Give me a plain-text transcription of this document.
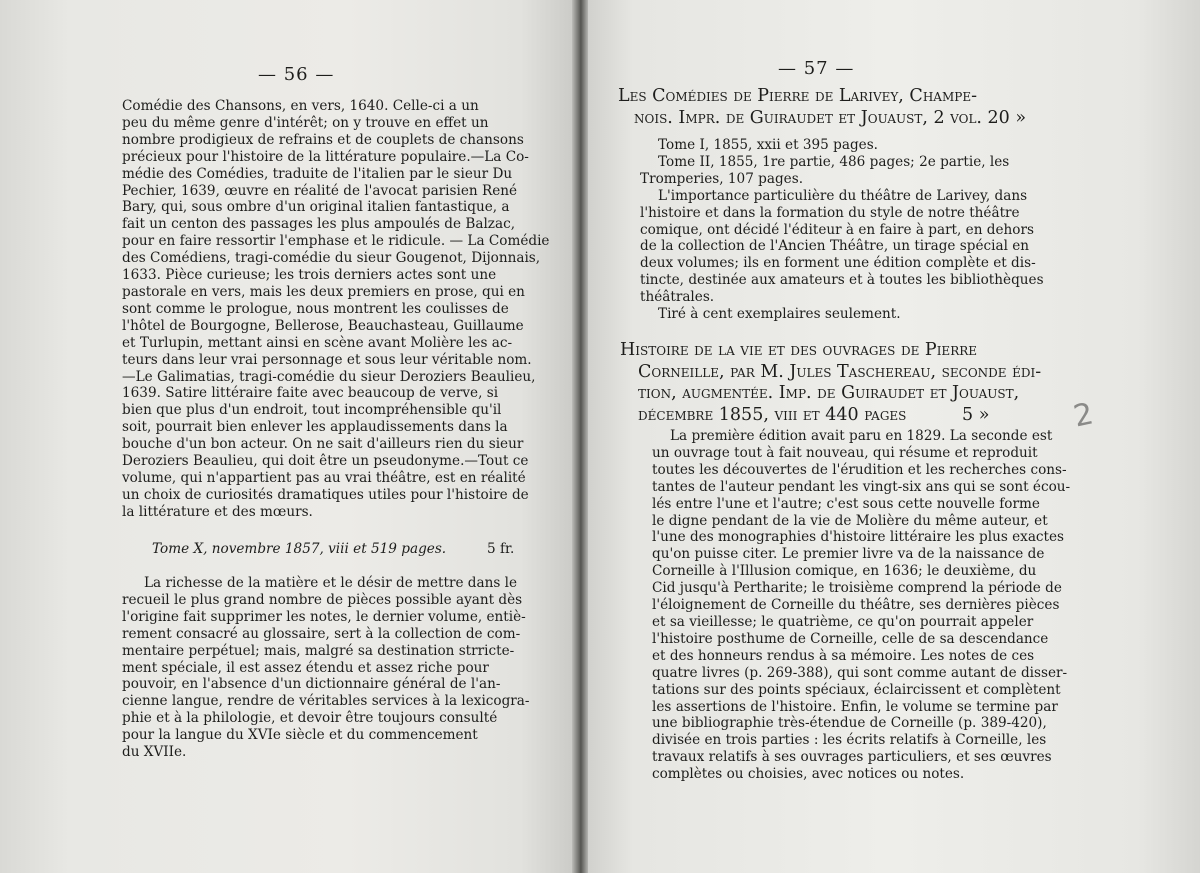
— 56 —
Comédie des Chansons, en vers, 1640. Celle-ci a un
peu du même genre d'intérêt; on y trouve en effet un
nombre prodigieux de refrains et de couplets de chansons
précieux pour l'histoire de la littérature populaire.—La Co-
médie des Comédies, traduite de l'italien par le sieur Du
Pechier, 1639, œuvre en réalité de l'avocat parisien René
Bary, qui, sous ombre d'un original italien fantastique, a
fait un centon des passages les plus ampoulés de Balzac,
pour en faire ressortir l'emphase et le ridicule. — La Comédie
des Comédiens, tragi-comédie du sieur Gougenot, Dijonnais,
1633. Pièce curieuse; les trois derniers actes sont une
pastorale en vers, mais les deux premiers en prose, qui en
sont comme le prologue, nous montrent les coulisses de
l'hôtel de Bourgogne, Bellerose, Beauchasteau, Guillaume
et Turlupin, mettant ainsi en scène avant Molière les ac-
teurs dans leur vrai personnage et sous leur véritable nom.
—Le Galimatias, tragi-comédie du sieur Deroziers Beaulieu,
1639. Satire littéraire faite avec beaucoup de verve, si
bien que plus d'un endroit, tout incompréhensible qu'il
soit, pourrait bien enlever les applaudissements dans la
bouche d'un bon acteur. On ne sait d'ailleurs rien du sieur
Deroziers Beaulieu, qui doit être un pseudonyme.—Tout ce
volume, qui n'appartient pas au vrai théâtre, est en réalité
un choix de curiosités dramatiques utiles pour l'histoire de
la littérature et des mœurs.
Tome X, novembre 1857, viii et 519 pages.	5 fr.
La richesse de la matière et le désir de mettre dans le
recueil le plus grand nombre de pièces possible ayant dès
l'origine fait supprimer les notes, le dernier volume, entiè-
rement consacré au glossaire, sert à la collection de com-
mentaire perpétuel; mais, malgré sa destination strricte-
ment spéciale, il est assez étendu et assez riche pour
pouvoir, en l'absence d'un dictionnaire général de l'an-
cienne langue, rendre de véritables services à la lexicogra-
phie et à la philologie, et devoir être toujours consulté
pour la langue du XVIe siècle et du commencement
du XVIIe.
— 57 —
Les Comédies de Pierre de Larivey, Champe-
nois. Impr. de Guiraudet et Jouaust, 2 vol. 20 »
Tome I, 1855, xxii et 395 pages.
Tome II, 1855, 1re partie, 486 pages; 2e partie, les
Tromperies, 107 pages.
L'importance particulière du théâtre de Larivey, dans
l'histoire et dans la formation du style de notre théâtre
comique, ont décidé l'éditeur à en faire à part, en dehors
de la collection de l'Ancien Théâtre, un tirage spécial en
deux volumes; ils en forment une édition complète et dis-
tincte, destinée aux amateurs et à toutes les bibliothèques
théâtrales.
Tiré à cent exemplaires seulement.
Histoire de la vie et des ouvrages de Pierre
Corneille, par M. Jules Taschereau, seconde édi-
tion, augmentée. Imp. de Guiraudet et Jouaust,
décembre 1855, viii et 440 pages          5 »
La première édition avait paru en 1829. La seconde est
un ouvrage tout à fait nouveau, qui résume et reproduit
toutes les découvertes de l'érudition et les recherches cons-
tantes de l'auteur pendant les vingt-six ans qui se sont écou-
lés entre l'une et l'autre; c'est sous cette nouvelle forme
le digne pendant de la vie de Molière du même auteur, et
l'une des monographies d'histoire littéraire les plus exactes
qu'on puisse citer. Le premier livre va de la naissance de
Corneille à l'Illusion comique, en 1636; le deuxième, du
Cid jusqu'à Pertharite; le troisième comprend la période de
l'éloignement de Corneille du théâtre, ses dernières pièces
et sa vieillesse; le quatrième, ce qu'on pourrait appeler
l'histoire posthume de Corneille, celle de sa descendance
et des honneurs rendus à sa mémoire. Les notes de ces
quatre livres (p. 269-388), qui sont comme autant de disser-
tations sur des points spéciaux, éclaircissent et complètent
les assertions de l'histoire. Enfin, le volume se termine par
une bibliographie très-étendue de Corneille (p. 389-420),
divisée en trois parties : les écrits relatifs à Corneille, les
travaux relatifs à ses ouvrages particuliers, et ses œuvres
complètes ou choisies, avec notices ou notes.
2
